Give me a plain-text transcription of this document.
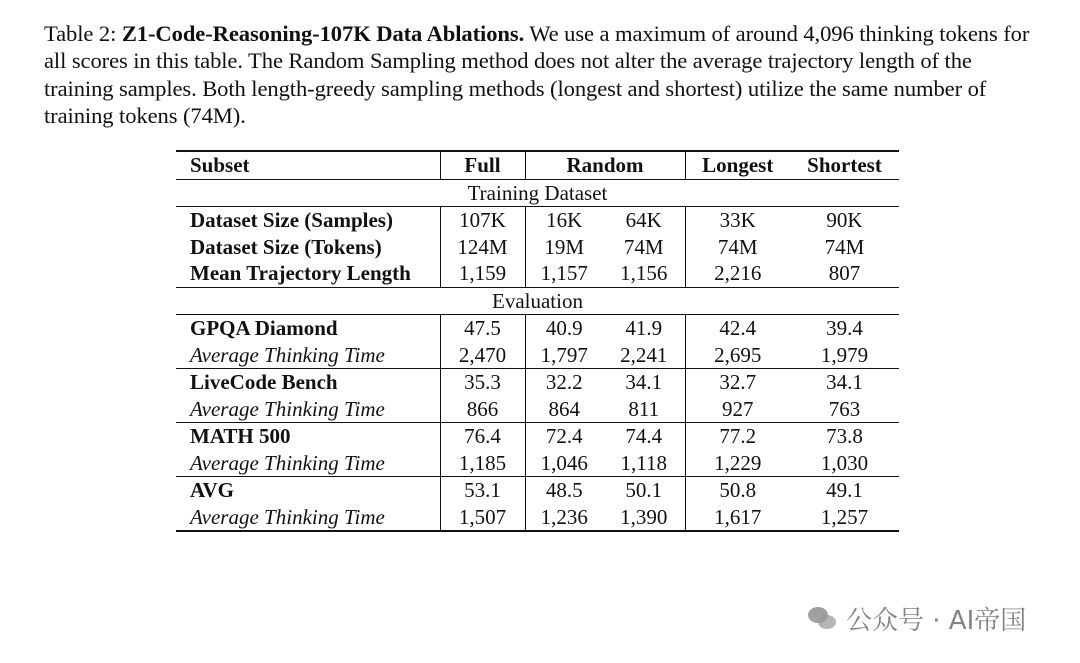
Table 2: Z1-Code-Reasoning-107K Data Ablations. We use a maximum of around 4,096 thinking tokens for all scores in this table. The Random Sampling method does not alter the average trajectory length of the training samples. Both length-greedy sampling methods (longest and shortest) utilize the same number of training tokens (74M).
Subset	Full	Random		Longest	Shortest
Training Dataset					
Dataset Size (Samples)	107K	16K	64K	33K	90K
Dataset Size (Tokens)	124M	19M	74M	74M	74M
Mean Trajectory Length	1,159	1,157	1,156	2,216	807
Evaluation					
GPQA Diamond	47.5	40.9	41.9	42.4	39.4
Average Thinking Time	2,470	1,797	2,241	2,695	1,979
LiveCode Bench	35.3	32.2	34.1	32.7	34.1
Average Thinking Time	866	864	811	927	763
MATH 500	76.4	72.4	74.4	77.2	73.8
Average Thinking Time	1,185	1,046	1,118	1,229	1,030
AVG	53.1	48.5	50.1	50.8	49.1
Average Thinking Time	1,507	1,236	1,390	1,617	1,257
公众号 · AI帝国
